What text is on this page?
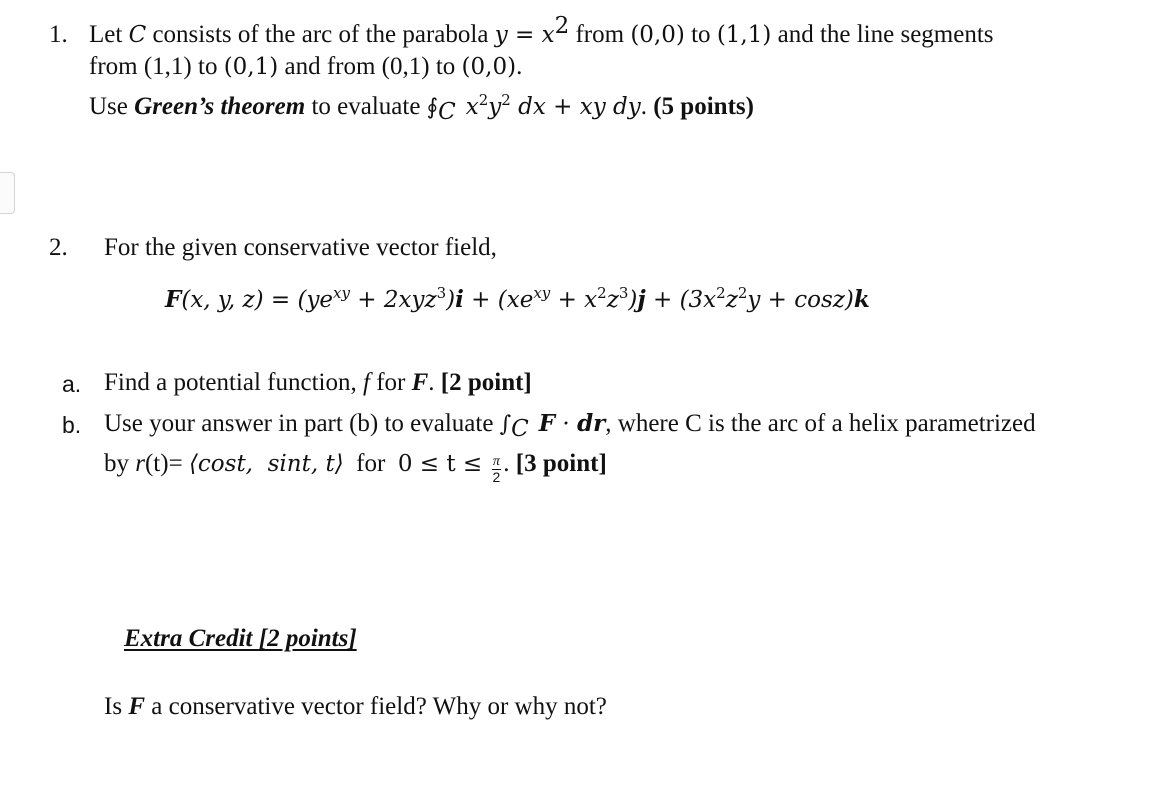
1. Let C consists of the arc of the parabola $y = x^2$ from (0,0) to (1,1) and the line segments
from (1,1) to (0,1) and from (0,1) to (0,0).
Use Green’s theorem to evaluate $∮_C$ $x^2y^2$ dx + xy dy. (5 points)
2. For the given conservative vector field,
F(x, y, $z) = (ye^{xy} + 2xyz^3)i + (xe^{xy} + x^2z^3)j + (3x^2z^2y + \cos z)k$
a. Find a potential function, f for F. [2 point]
b. Use your answer in part (b) to evaluate $\int_C$ F · dr, where C is the arc of a helix parametrized
by r(t)= ⟨cost,  sint, t⟩  for  $0 \le t \le \frac{\pi}{2}$ . [3 point]
Extra Credit [2 points]
Is F a conservative vector field? Why or why not?
